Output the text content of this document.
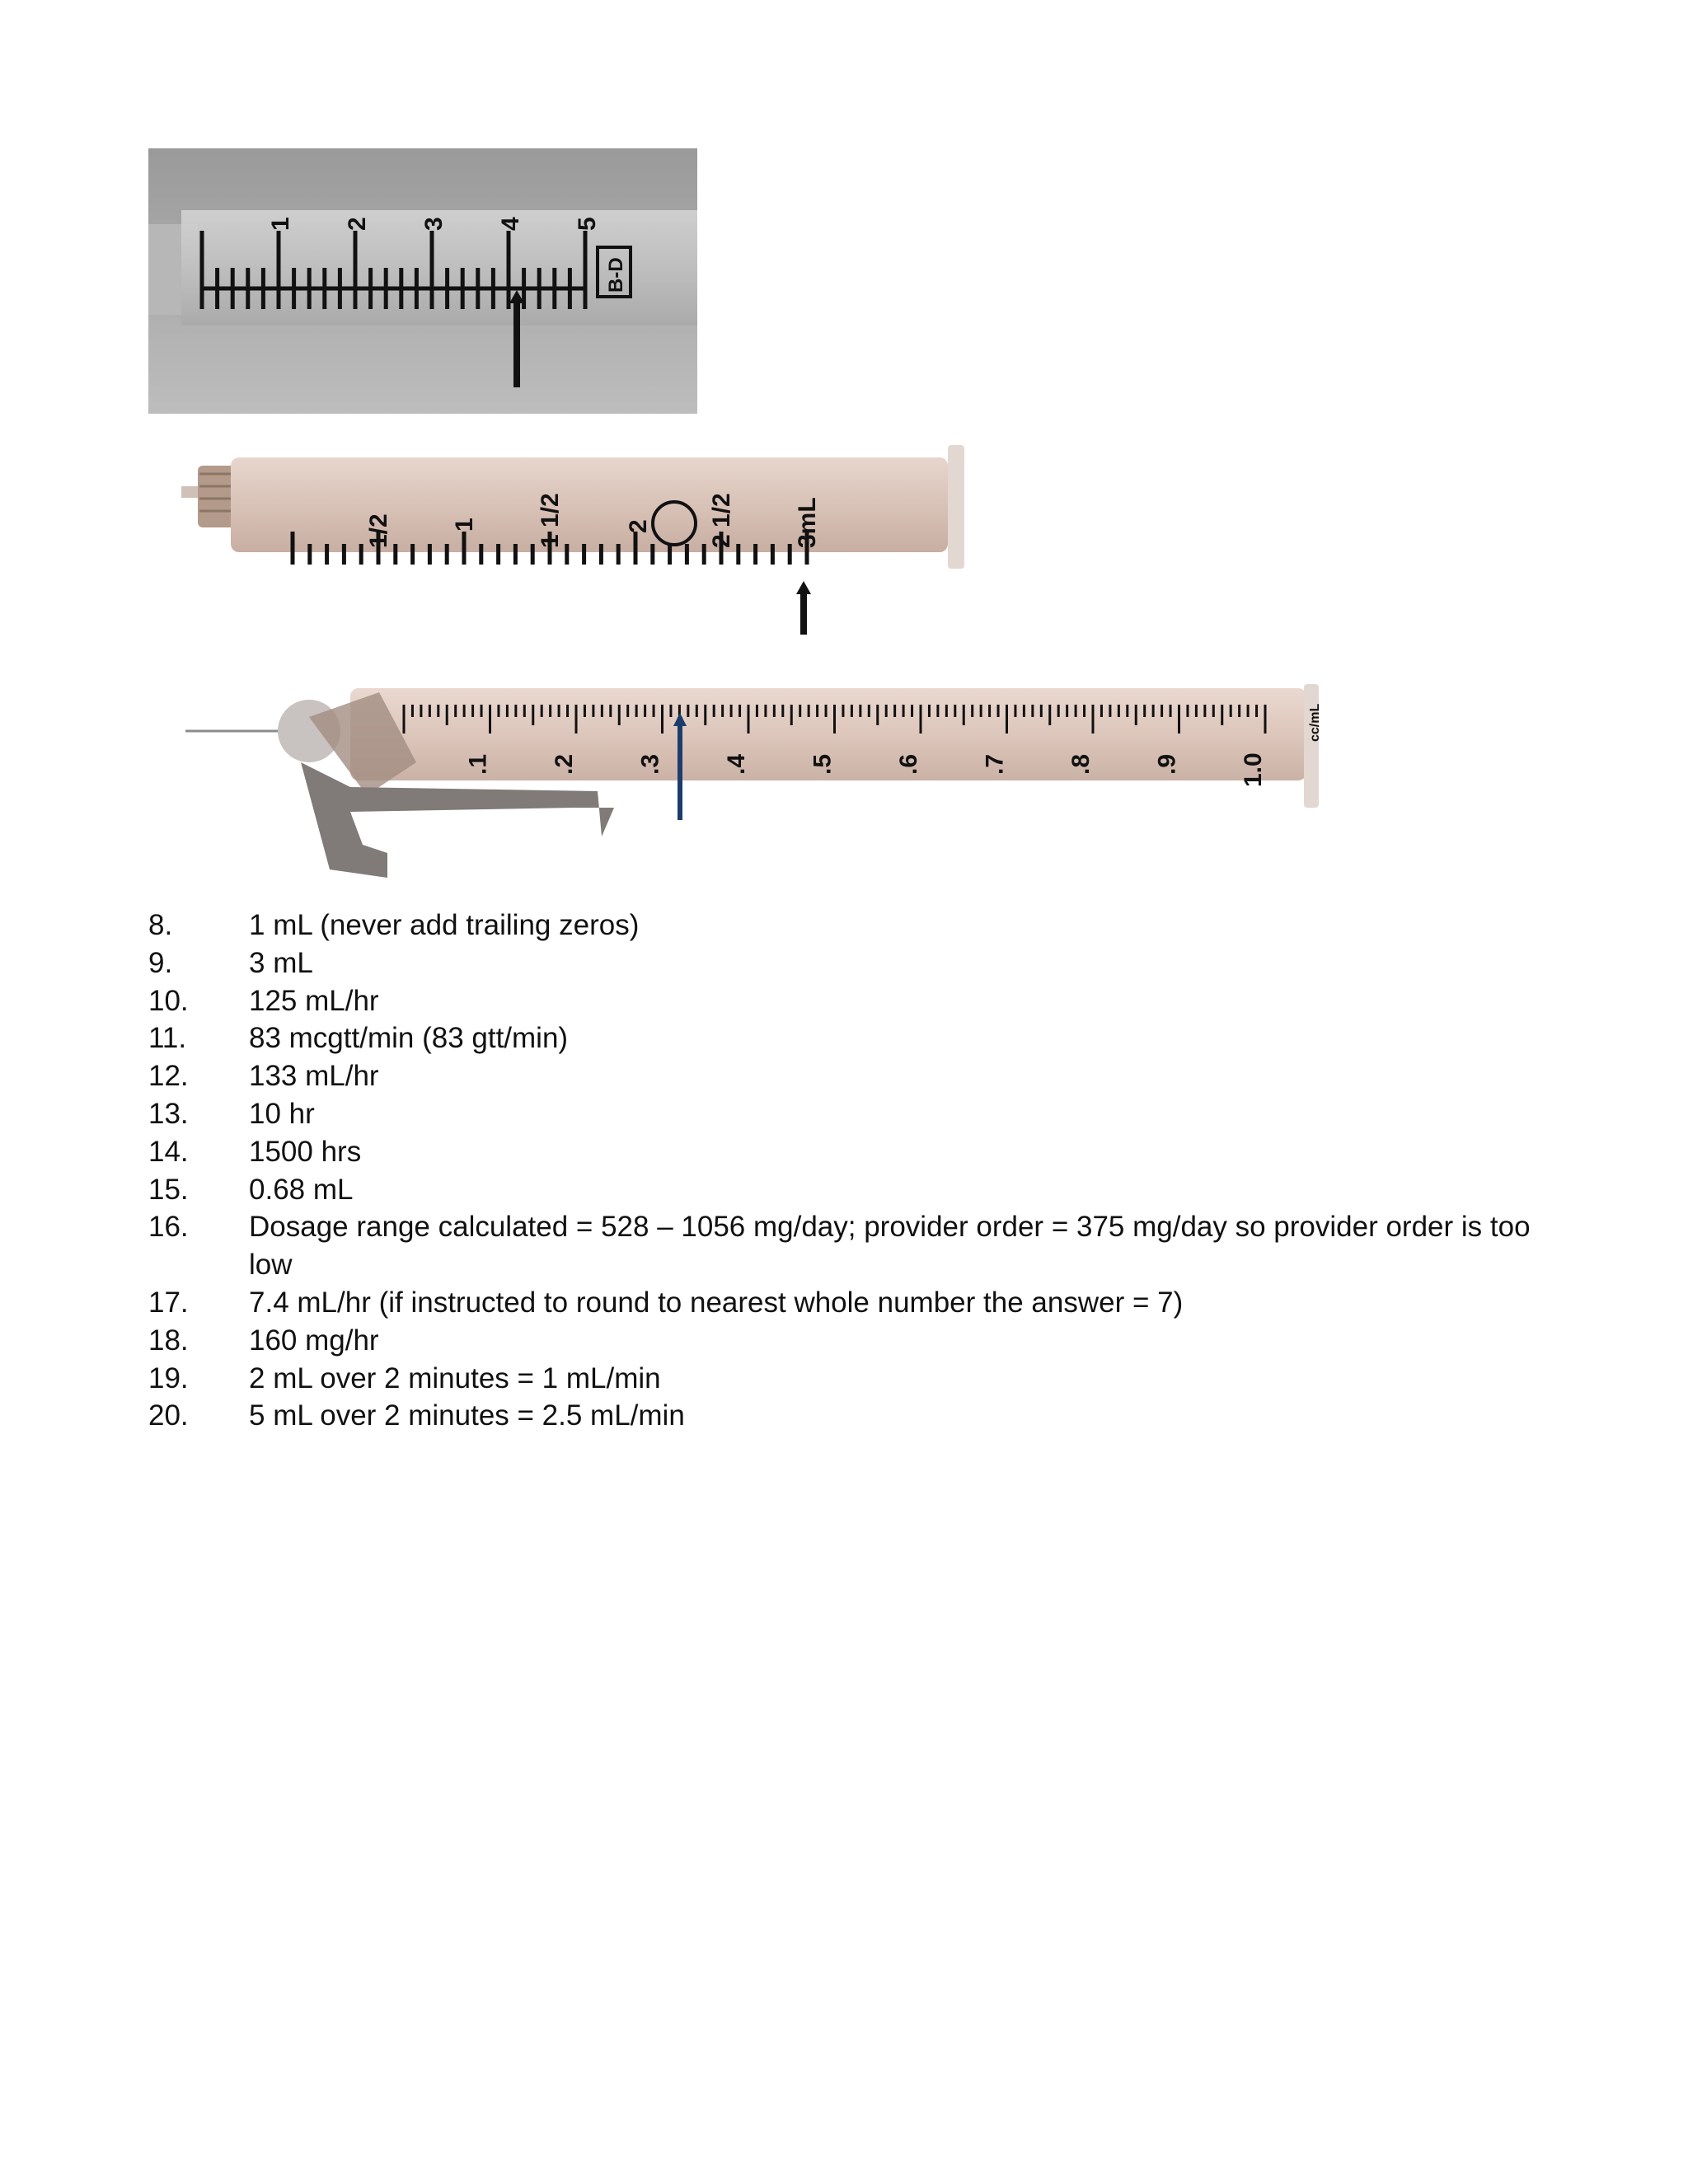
1 2 3 4 5
B-D
1/2 1 1 1/2 2 2 1/2 3mL
.1 .2 .3 .4 .5 .6 .7 .8 .9 1.0
cc/mL
8.	1 mL (never add trailing zeros)
9.	3 mL
10.	125 mL/hr
11.	83 mcgtt/min (83 gtt/min)
12.	133 mL/hr
13.	10 hr
14.	1500 hrs
15.	0.68 mL
16.	Dosage range calculated = 528 – 1056 mg/day; provider order = 375 mg/day so provider order is too low
17.	7.4 mL/hr (if instructed to round to nearest whole number the answer = 7)
18.	160 mg/hr
19.	2 mL over 2 minutes = 1 mL/min
20.	5 mL over 2 minutes = 2.5 mL/min
